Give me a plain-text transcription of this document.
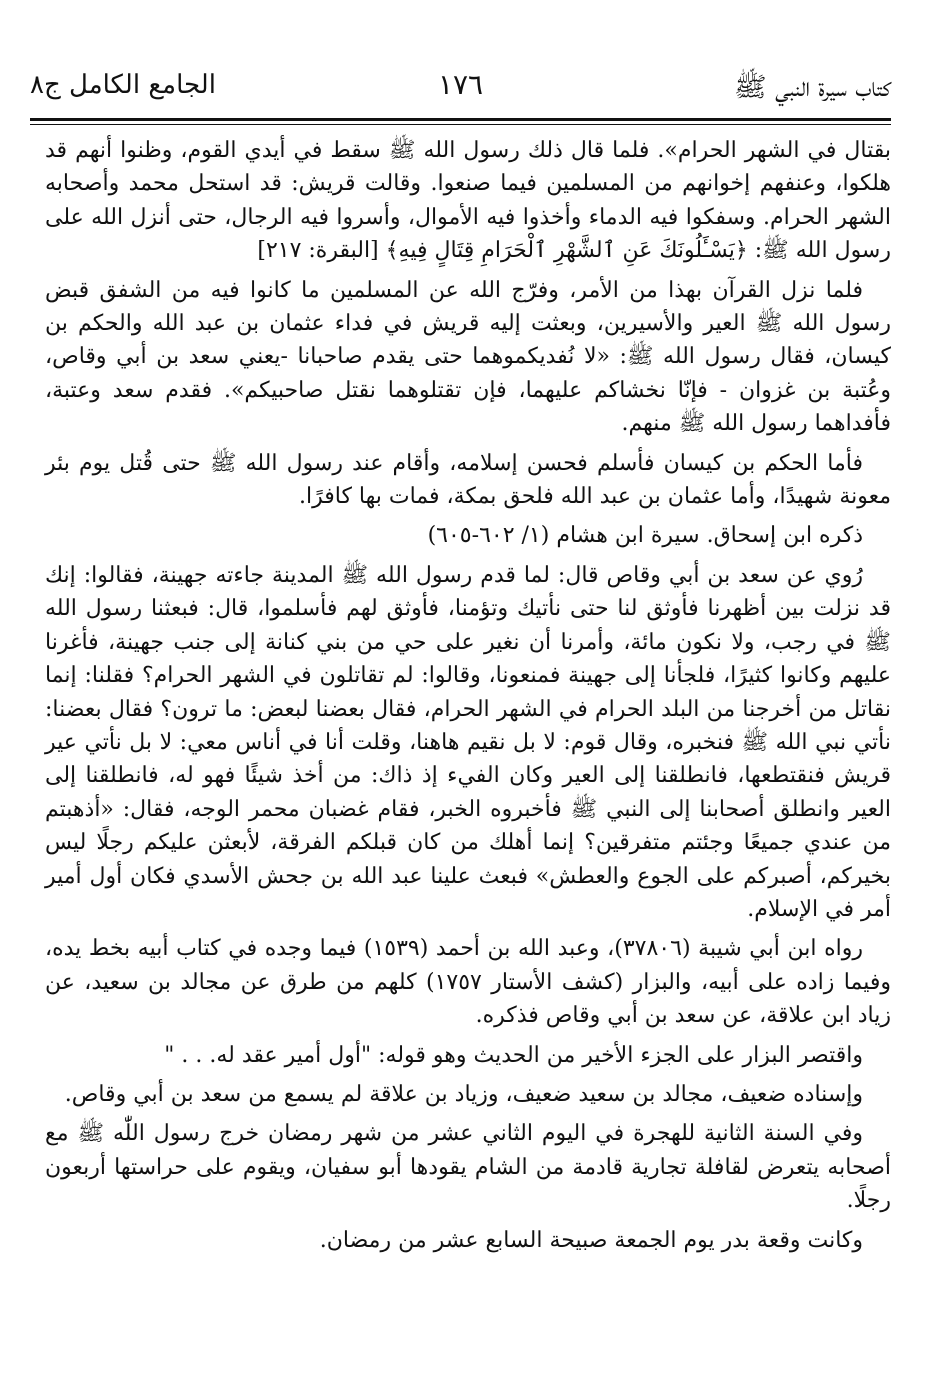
كتاب سيرة النبي ﷺ
١٧٦
الجامع الكامل ج٨

بقتال في الشهر الحرام». فلما قال ذلك رسول الله ﷺ سقط في أيدي القوم، وظنوا أنهم قد هلكوا، وعنفهم إخوانهم من المسلمين فيما صنعوا. وقالت قريش: قد استحل محمد وأصحابه الشهر الحرام. وسفكوا فيه الدماء وأخذوا فيه الأموال، وأسروا فيه الرجال، حتى أنزل الله على رسول الله ﷺ: ﴿يَسْـَٔلُونَكَ عَنِ ٱلشَّهْرِ ٱلْحَرَامِ قِتَالٍ فِيهِ﴾ [البقرة: ٢١٧]

فلما نزل القرآن بهذا من الأمر، وفرّج الله عن المسلمين ما كانوا فيه من الشفق قبض رسول الله ﷺ العير والأسيرين، وبعثت إليه قريش في فداء عثمان بن عبد الله والحكم بن كيسان، فقال رسول الله ﷺ: «لا نُفديكموهما حتى يقدم صاحبانا -يعني سعد بن أبي وقاص، وعُتبة بن غزوان - فإنّا نخشاكم عليهما، فإن تقتلوهما نقتل صاحبيكم». فقدم سعد وعتبة، فأفداهما رسول الله ﷺ منهم.

فأما الحكم بن كيسان فأسلم فحسن إسلامه، وأقام عند رسول الله ﷺ حتى قُتل يوم بئر معونة شهيدًا، وأما عثمان بن عبد الله فلحق بمكة، فمات بها كافرًا.

ذكره ابن إسحاق. سيرة ابن هشام (١/ ٦٠٢-٦٠٥)

رُوي عن سعد بن أبي وقاص قال: لما قدم رسول الله ﷺ المدينة جاءته جهينة، فقالوا: إنك قد نزلت بين أظهرنا فأوثق لنا حتى نأتيك وتؤمنا، فأوثق لهم فأسلموا، قال: فبعثنا رسول الله ﷺ في رجب، ولا نكون مائة، وأمرنا أن نغير على حي من بني كنانة إلى جنب جهينة، فأغرنا عليهم وكانوا كثيرًا، فلجأنا إلى جهينة فمنعونا، وقالوا: لم تقاتلون في الشهر الحرام؟ فقلنا: إنما نقاتل من أخرجنا من البلد الحرام في الشهر الحرام، فقال بعضنا لبعض: ما ترون؟ فقال بعضنا: نأتي نبي الله ﷺ فنخبره، وقال قوم: لا بل نقيم هاهنا، وقلت أنا في أناس معي: لا بل نأتي عير قريش فنقتطعها، فانطلقنا إلى العير وكان الفيء إذ ذاك: من أخذ شيئًا فهو له، فانطلقنا إلى العير وانطلق أصحابنا إلى النبي ﷺ فأخبروه الخبر، فقام غضبان محمر الوجه، فقال: «أذهبتم من عندي جميعًا وجئتم متفرقين؟ إنما أهلك من كان قبلكم الفرقة، لأبعثن عليكم رجلًا ليس بخيركم، أصبركم على الجوع والعطش» فبعث علينا عبد الله بن جحش الأسدي فكان أول أمير أمر في الإسلام.

رواه ابن أبي شيبة (٣٧٨٠٦)، وعبد الله بن أحمد (١٥٣٩) فيما وجده في كتاب أبيه بخط يده، وفيما زاده على أبيه، والبزار (كشف الأستار ١٧٥٧) كلهم من طرق عن مجالد بن سعيد، عن زياد ابن علاقة، عن سعد بن أبي وقاص فذكره.

واقتصر البزار على الجزء الأخير من الحديث وهو قوله: "أول أمير عقد له. . . "

وإسناده ضعيف، مجالد بن سعيد ضعيف، وزياد بن علاقة لم يسمع من سعد بن أبي وقاص.

وفي السنة الثانية للهجرة في اليوم الثاني عشر من شهر رمضان خرج رسول اللّٰه ﷺ مع أصحابه يتعرض لقافلة تجارية قادمة من الشام يقودها أبو سفيان، ويقوم على حراستها أربعون رجلًا.

وكانت وقعة بدر يوم الجمعة صبيحة السابع عشر من رمضان.
